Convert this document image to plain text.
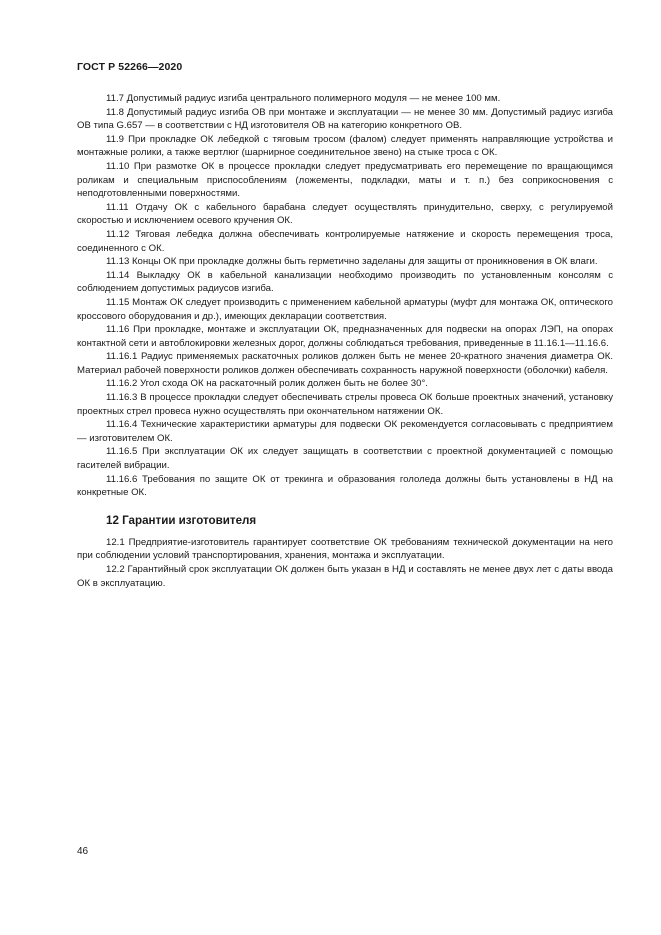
ГОСТ Р 52266—2020

11.7 Допустимый радиус изгиба центрального полимерного модуля — не менее 100 мм.

11.8 Допустимый радиус изгиба ОВ при монтаже и эксплуатации — не менее 30 мм. Допустимый радиус изгиба ОВ типа G.657 — в соответствии с НД изготовителя ОВ на категорию конкретного ОВ.

11.9 При прокладке ОК лебедкой с тяговым тросом (фалом) следует применять направляющие устройства и монтажные ролики, а также вертлюг (шарнирное соединительное звено) на стыке троса с ОК.

11.10 При размотке ОК в процессе прокладки следует предусматривать его перемещение по вращающимся роликам и специальным приспособлениям (ложементы, подкладки, маты и т. п.) без соприкосновения с неподготовленными поверхностями.

11.11 Отдачу ОК с кабельного барабана следует осуществлять принудительно, сверху, с регулируемой скоростью и исключением осевого кручения ОК.

11.12 Тяговая лебедка должна обеспечивать контролируемые натяжение и скорость перемещения троса, соединенного с ОК.

11.13 Концы ОК при прокладке должны быть герметично заделаны для защиты от проникновения в ОК влаги.

11.14 Выкладку ОК в кабельной канализации необходимо производить по установленным консолям с соблюдением допустимых радиусов изгиба.

11.15 Монтаж ОК следует производить с применением кабельной арматуры (муфт для монтажа ОК, оптического кроссового оборудования и др.), имеющих декларации соответствия.

11.16 При прокладке, монтаже и эксплуатации ОК, предназначенных для подвески на опорах ЛЭП, на опорах контактной сети и автоблокировки железных дорог, должны соблюдаться требования, приведенные в 11.16.1—11.16.6.

11.16.1 Радиус применяемых раскаточных роликов должен быть не менее 20-кратного значения диаметра ОК. Материал рабочей поверхности роликов должен обеспечивать сохранность наружной поверхности (оболочки) кабеля.

11.16.2 Угол схода ОК на раскаточный ролик должен быть не более 30°.

11.16.3 В процессе прокладки следует обеспечивать стрелы провеса ОК больше проектных значений, установку проектных стрел провеса нужно осуществлять при окончательном натяжении ОК.

11.16.4 Технические характеристики арматуры для подвески ОК рекомендуется согласовывать с предприятием — изготовителем ОК.

11.16.5 При эксплуатации ОК их следует защищать в соответствии с проектной документацией с помощью гасителей вибрации.

11.16.6 Требования по защите ОК от трекинга и образования гололеда должны быть установлены в НД на конкретные ОК.

12 Гарантии изготовителя

12.1 Предприятие-изготовитель гарантирует соответствие ОК требованиям технической документации на него при соблюдении условий транспортирования, хранения, монтажа и эксплуатации.

12.2 Гарантийный срок эксплуатации ОК должен быть указан в НД и составлять не менее двух лет с даты ввода ОК в эксплуатацию.

46
